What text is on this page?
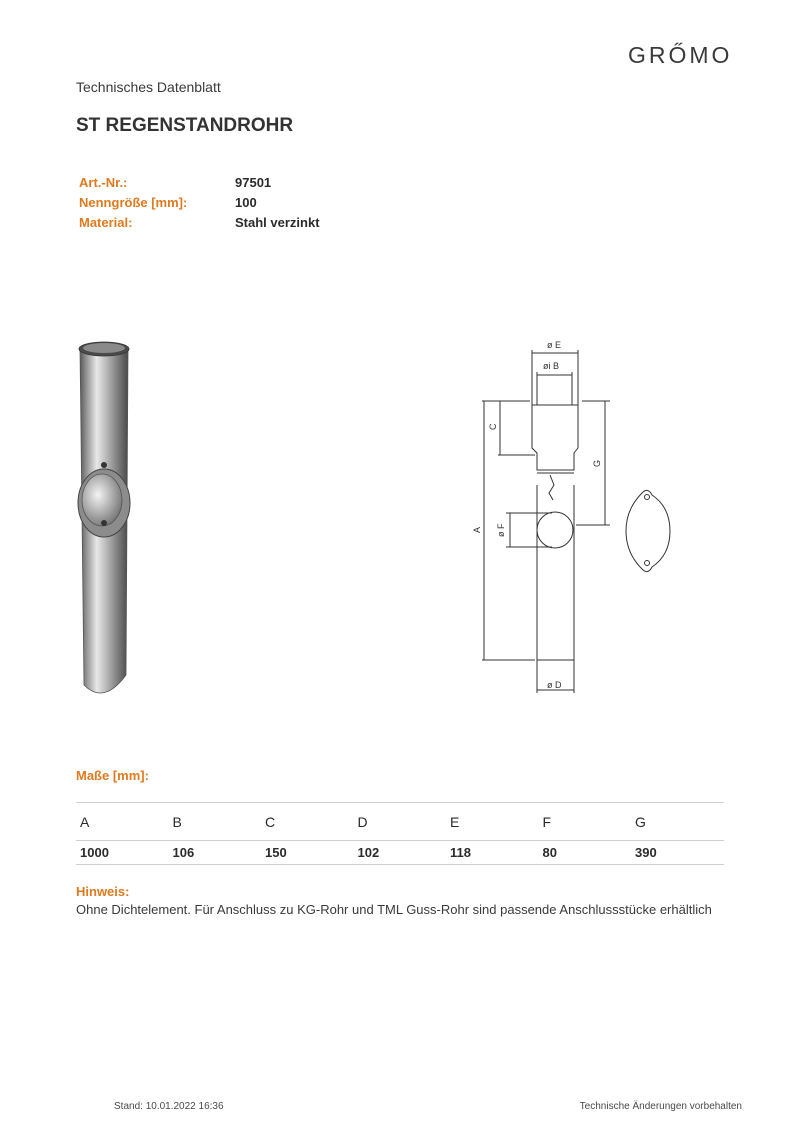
GRŐMO
Technisches Datenblatt
ST REGENSTANDROHR
Art.-Nr.:	97501
Nenngröße [mm]:	100
Material:	Stahl verzinkt
ø E
øi B
C
G
A ø F
ø D
Maße [mm]:
A	B	C	D	E	F	G
1000	106	150	102	118	80	390
Hinweis:
Ohne Dichtelement. Für Anschluss zu KG-Rohr und TML Guss-Rohr sind passende Anschlussstücke erhältlich
Stand: 10.01.2022 16:36	Technische Änderungen vorbehalten
